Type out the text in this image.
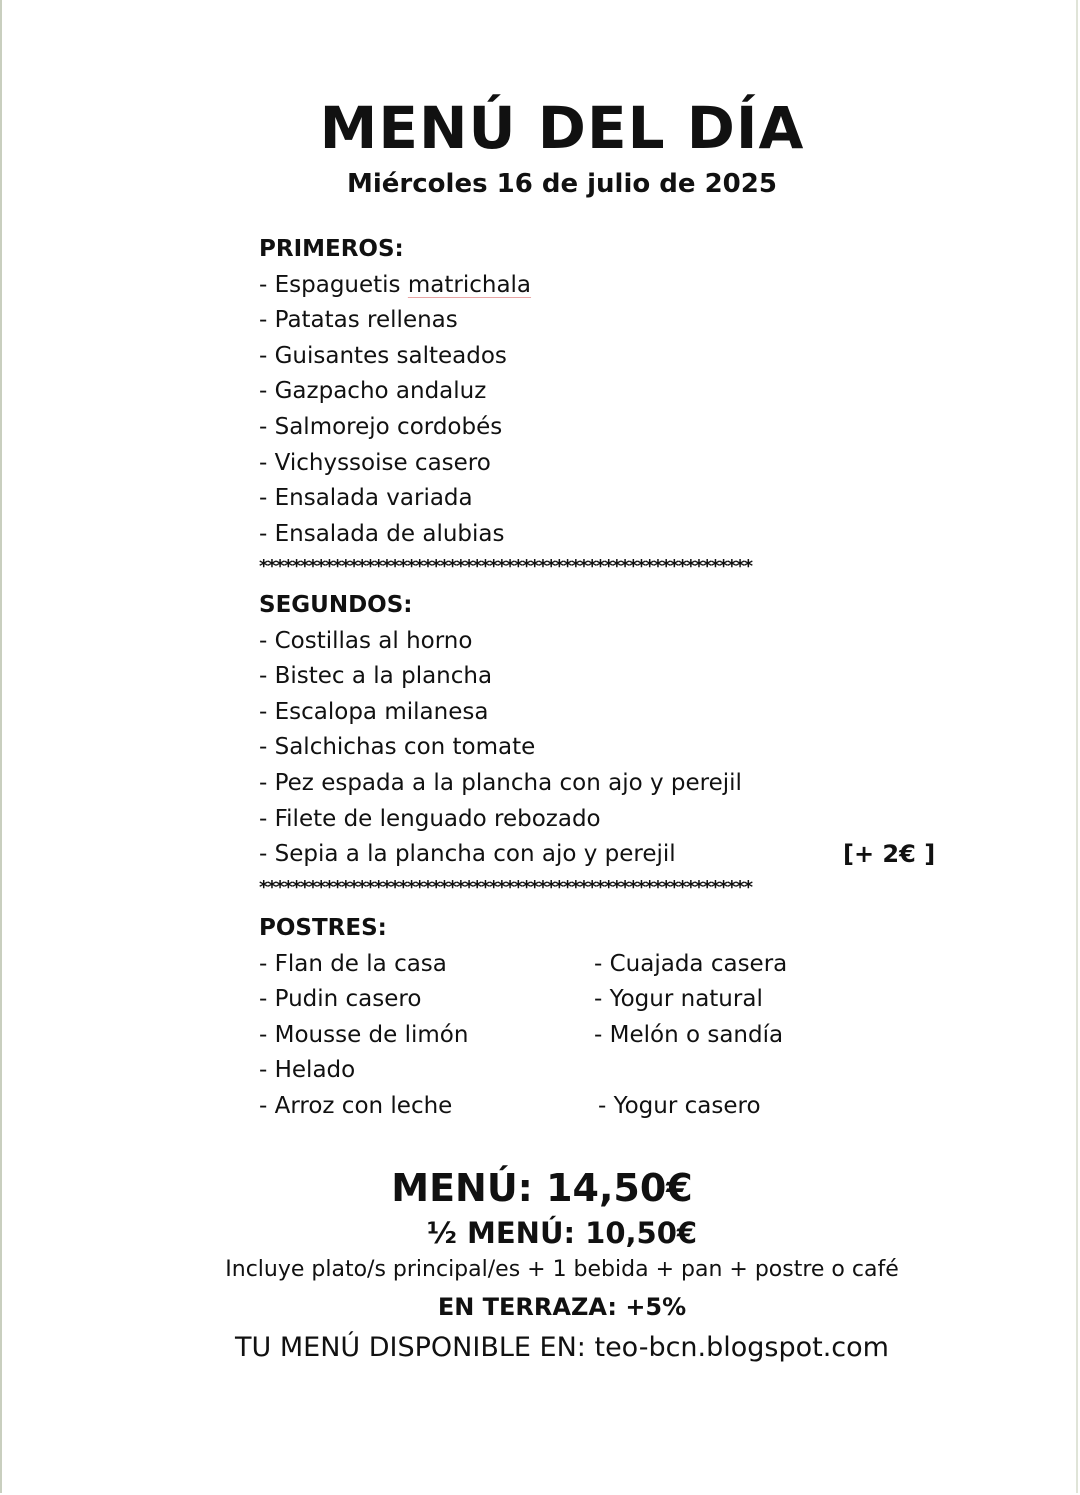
MENÚ DEL DÍA
Miércoles 16 de julio de 2025
PRIMEROS:
- Espaguetis matrichala
- Patatas rellenas
- Guisantes salteados
- Gazpacho andaluz
- Salmorejo cordobés
- Vichyssoise casero
- Ensalada variada
- Ensalada de alubias
************************************************************
SEGUNDOS:
- Costillas al horno
- Bistec a la plancha
- Escalopa milanesa
- Salchichas con tomate
- Pez espada a la plancha con ajo y perejil
- Filete de lenguado rebozado
- Sepia a la plancha con ajo y perejil	[+ 2€ ]
************************************************************
POSTRES:
- Flan de la casa	- Cuajada casera
- Pudin casero	- Yogur natural
- Mousse de limón	- Melón o sandía
- Helado
- Arroz con leche	- Yogur casero
MENÚ: 14,50€
½ MENÚ: 10,50€
Incluye plato/s principal/es + 1 bebida + pan + postre o café
EN TERRAZA: +5%
TU MENÚ DISPONIBLE EN: teo-bcn.blogspot.com
